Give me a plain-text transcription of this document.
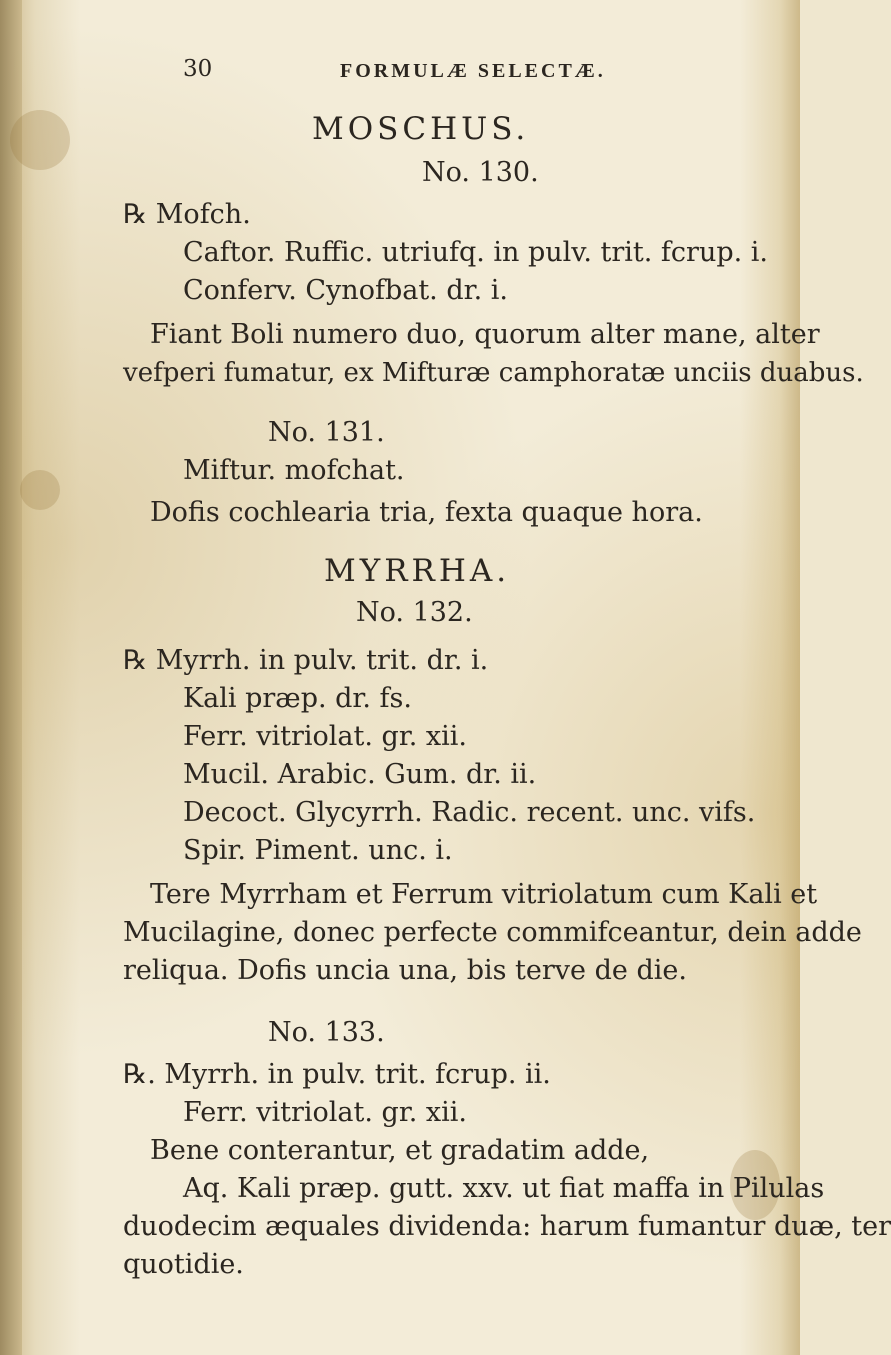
30	FORMULÆ SELECTÆ.
MOSCHUS.
No. 130.
℞ Mofch.
Caftor. Ruffic. utriufq. in pulv. trit. fcrup. i.
Conferv. Cynofbat. dr. i.
Fiant Boli numero duo, quorum alter mane, alter
vefperi fumatur, ex Mifturæ camphoratæ unciis duabus.
No. 131.
Miftur. mofchat.
Dofis cochlearia tria, fexta quaque hora.
MYRRHA.
No. 132.
℞ Myrrh. in pulv. trit. dr. i.
Kali præp. dr. fs.
Ferr. vitriolat. gr. xii.
Mucil. Arabic. Gum. dr. ii.
Decoct. Glycyrrh. Radic. recent. unc. vifs.
Spir. Piment. unc. i.
Tere Myrrham et Ferrum vitriolatum cum Kali et
Mucilagine, donec perfecte commifceantur, dein adde
reliqua. Dofis uncia una, bis terve de die.
No. 133.
℞. Myrrh. in pulv. trit. fcrup. ii.
Ferr. vitriolat. gr. xii.
Bene conterantur, et gradatim adde,
Aq. Kali præp. gutt. xxv. ut fiat maffa in Pilulas
duodecim æquales dividenda: harum fumantur duæ, ter
quotidie.
